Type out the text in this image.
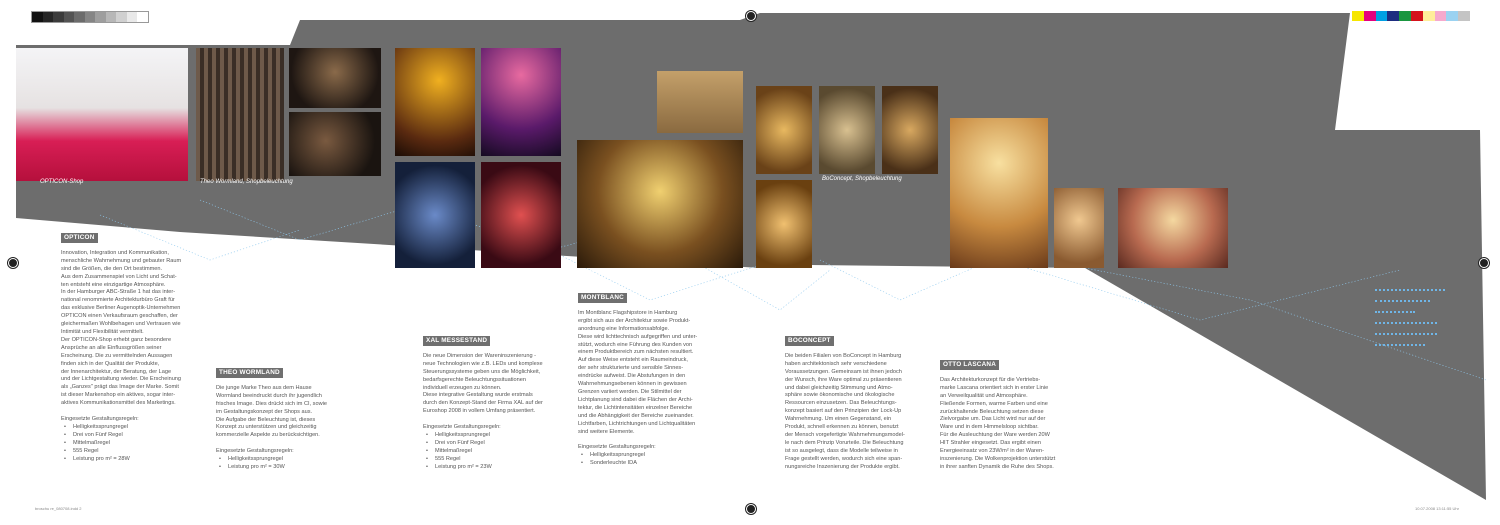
OPTICON-Shop	Theo Wormland, Shopbeleuchtung
XAL Messestand	Montblanc, Flagshipstore
BoConcept, Shopbeleuchtung
Otto Lascana, Flagshipstore
OPTICON

Innovation, Integration und Kommunikation,

menschliche Wahrnehmung und gebauter Raum

sind die Größen, die den Ort bestimmen.

Aus dem Zusammenspiel von Licht und Schat-

ten entsteht eine einzigartige Atmosphäre.

In der Hamburger ABC-Straße 1 hat das inter-

national renommierte Architekturbüro Graft für

das exklusive Berliner Augenoptik-Unternehmen

OPTICON einen Verkaufsraum geschaffen, der

gleichermaßen Wohlbehagen und Vertrauen wie

Intimität und Flexibilität vermittelt.

Der OPTICON-Shop erhebt ganz besondere

Ansprüche an alle Einflussgrößen seiner

Erscheinung. Die zu vermittelnden Aussagen

finden sich in der Qualität der Produkte,

der Innenarchitektur, der Beratung, der Lage

und der Lichtgestaltung wieder. Die Erscheinung

als „Ganzes" prägt das Image der Marke. Somit

ist dieser Markenshop ein aktives, sogar inter-

aktives Kommunikationsmittel des Marketings.

Eingesetzte Gestaltungsregeln:
• Helligkeitssprungregel
• Drei von Fünf Regel
• Mittelmaßregel
• 555 Regel
• Leistung pro m² = 28W
THEO WORMLAND

Die junge Marke Theo aus dem Hause

Wormland beeindruckt durch ihr jugendlich

frisches Image. Dies drückt sich im CI, sowie

im Gestaltungskonzept der Shops aus.

Die Aufgabe der Beleuchtung ist, dieses

Konzept zu unterstützen und gleichzeitig

kommerzielle Aspekte zu berücksichtigen.

Eingesetzte Gestaltungsregeln:
• Helligkeitssprungregel
• Leistung pro m² = 30W
XAL MESSESTAND

Die neue Dimension der Wareninszenierung -

neue Technologien wie z.B. LEDs und komplexe

Steuerungssysteme geben uns die Möglichkeit,

bedarfsgerechte Beleuchtungssituationen

individuell erzeugen zu können.

Diese integrative Gestaltung wurde erstmals

durch den Konzept-Stand der Firma XAL auf der

Euroshop 2008 in vollem Umfang präsentiert.

Eingesetzte Gestaltungsregeln:
• Helligkeitssprungregel
• Drei von Fünf Regel
• Mittelmaßregel
• 555 Regel
• Leistung pro m² = 23W
MONTBLANC

Im Montblanc Flagshipstore in Hamburg

ergibt sich aus der Architektur sowie Produkt-

anordnung eine Informationsabfolge.

Diese wird lichttechnisch aufgegriffen und unter-

stützt, wodurch eine Führung des Kunden von

einem Produktbereich zum nächsten resultiert.

Auf diese Weise entsteht ein Raumeindruck,

der sehr strukturierte und sensible Sinnes-

eindrücke aufweist. Die Abstufungen in den

Wahrnehmungsebenen können in gewissen

Grenzen variiert werden. Die Stilmittel der

Lichtplanung sind dabei die Flächen der Archi-

tektur, die Lichtintensitäten einzelner Bereiche

und die Abhängigkeit der Bereiche zueinander.

Lichtfarben, Lichtrichtungen und Lichtqualitäten

sind weitere Elemente.

Eingesetzte Gestaltungsregeln:
• Helligkeitssprungregel
• Sonderleuchte IDA
BOCONCEPT

Die beiden Filialen von BoConcept in Hamburg

haben architektonisch sehr verschiedene

Voraussetzungen. Gemeinsam ist ihnen jedoch

der Wunsch, ihre Ware optimal zu präsentieren

und dabei gleichzeitig Stimmung und Atmo-

sphäre sowie ökonomische und ökologische

Ressourcen einzusetzen. Das Beleuchtungs-

konzept basiert auf den Prinzipien der Lock-Up

Wahrnehmung. Um einen Gegenstand, ein

Produkt, schnell erkennen zu können, benutzt

der Mensch vorgefertigte Wahrnehmungsmodel-

le nach dem Prinzip Vorurteile. Die Beleuchtung

ist so ausgelegt, dass die Modelle teilweise in

Frage gestellt werden, wodurch sich eine span-

nungsreiche Inszenierung der Produkte ergibt.

OTTO LASCANA

Das Architekturkonzept für die Vertriebs-

marke Lascana orientiert sich in erster Linie

an Verweilqualität und Atmosphäre.

Fließende Formen, warme Farben und eine

zurückhaltende Beleuchtung setzen diese

Zielvorgabe um. Das Licht wird nur auf der

Ware und in dem Himmelsloop sichtbar.

Für die Ausleuchtung der Ware werden 20W

HIT Strahler eingesetzt. Das ergibt einen

Energieeinsatz von 23W/m² in der Waren-

inszenierung. Die Wolkenprojektion unterstützt

in ihrer sanften Dynamik die Ruhe des Shops.

broschu re_080708.indd 2	10.07.2008 13:11:55 Uhr
